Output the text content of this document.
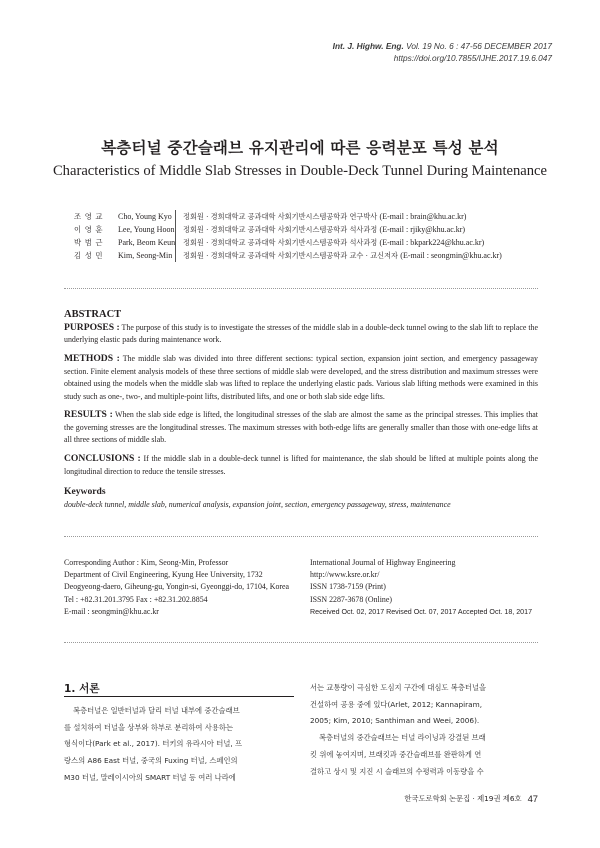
Int. J. Highw. Eng. Vol. 19 No. 6 : 47-56 DECEMBER 2017
https://doi.org/10.7855/IJHE.2017.19.6.047
복층터널 중간슬래브 유지관리에 따른 응력분포 특성 분석
Characteristics of Middle Slab Stresses in Double-Deck Tunnel During Maintenance
조 영 교	Cho, Young Kyo 정회원 · 경희대학교 공과대학 사회기반시스템공학과 연구박사 (E-mail : brain@khu.ac.kr)
이 영 훈	Lee, Young Hoon 정회원 · 경희대학교 공과대학 사회기반시스템공학과 석사과정 (E-mail : rjiky@khu.ac.kr)
박 범 근	Park, Beom Keun 정회원 · 경희대학교 공과대학 사회기반시스템공학과 석사과정 (E-mail : bkpark224@khu.ac.kr)
김 성 민	Kim, Seong-Min 정회원 · 경희대학교 공과대학 사회기반시스템공학과 교수 · 교신저자 (E-mail : seongmin@khu.ac.kr)
ABSTRACT

PURPOSES : The purpose of this study is to investigate the stresses of the middle slab in a double-deck tunnel owing to the slab lift to replace the underlying elastic pads during maintenance work.

METHODS : The middle slab was divided into three different sections: typical section, expansion joint section, and emergency passageway section. Finite element analysis models of these three sections of middle slab were developed, and the stress distribution and maximum stresses were obtained using the models when the middle slab was lifted to replace the underlying elastic pads. Various slab lifting methods were examined in this study such as one-, two-, and multiple-point lifts, distributed lifts, and one or both slab side edge lifts.

RESULTS : When the slab side edge is lifted, the longitudinal stresses of the slab are almost the same as the principal stresses. This implies that the governing stresses are the longitudinal stresses. The maximum stresses with both-edge lifts are generally smaller than those with one-edge lifts at all three sections of middle slab.

CONCLUSIONS : If the middle slab in a double-deck tunnel is lifted for maintenance, the slab should be lifted at multiple points along the longitudinal direction to reduce the tensile stresses.

Keywords
double-deck tunnel, middle slab, numerical analysis, expansion joint, section, emergency passageway, stress, maintenance
Corresponding Author : Kim, Seong-Min, Professor
Department of Civil Engineering, Kyung Hee University, 1732
Deogyeong-daero, Giheung-gu, Yongin-si, Gyeonggi-do, 17104, Korea
Tel : +82.31.201.3795 Fax : +82.31.202.8854
E-mail : seongmin@khu.ac.kr
International Journal of Highway Engineering
http://www.ksre.or.kr/
ISSN 1738-7159 (Print)
ISSN 2287-3678 (Online)
Received Oct. 02, 2017 Revised Oct. 07, 2017 Accepted Oct. 18, 2017
1. 서론

복층터널은 일반터널과 달리 터널 내부에 중간슬래브

를 설치하여 터널을 상부와 하부로 분리하여 사용하는

형식이다(Park et al., 2017). 터키의 유라시아 터널, 프

랑스의 A86 East 터널, 중국의 Fuxing 터널, 스페인의

M30 터널, 말레이시아의 SMART 터널 등 여러 나라에

서는 교통량이 극심한 도심지 구간에 대심도 복층터널을

건설하여 공용 중에 있다(Arlet, 2012; Kannapiram,

2005; Kim, 2010; Santhiman and Weei, 2006).

복층터널의 중간슬래브는 터널 라이닝과 강결된 브래

킷 위에 놓여지며, 브래킷과 중간슬래브를 완판하게 연

결하고 상시 및 지진 시 슬래브의 수평력과 이동량을 수

한국도로학회 논문집 · 제19권 제6호 47
